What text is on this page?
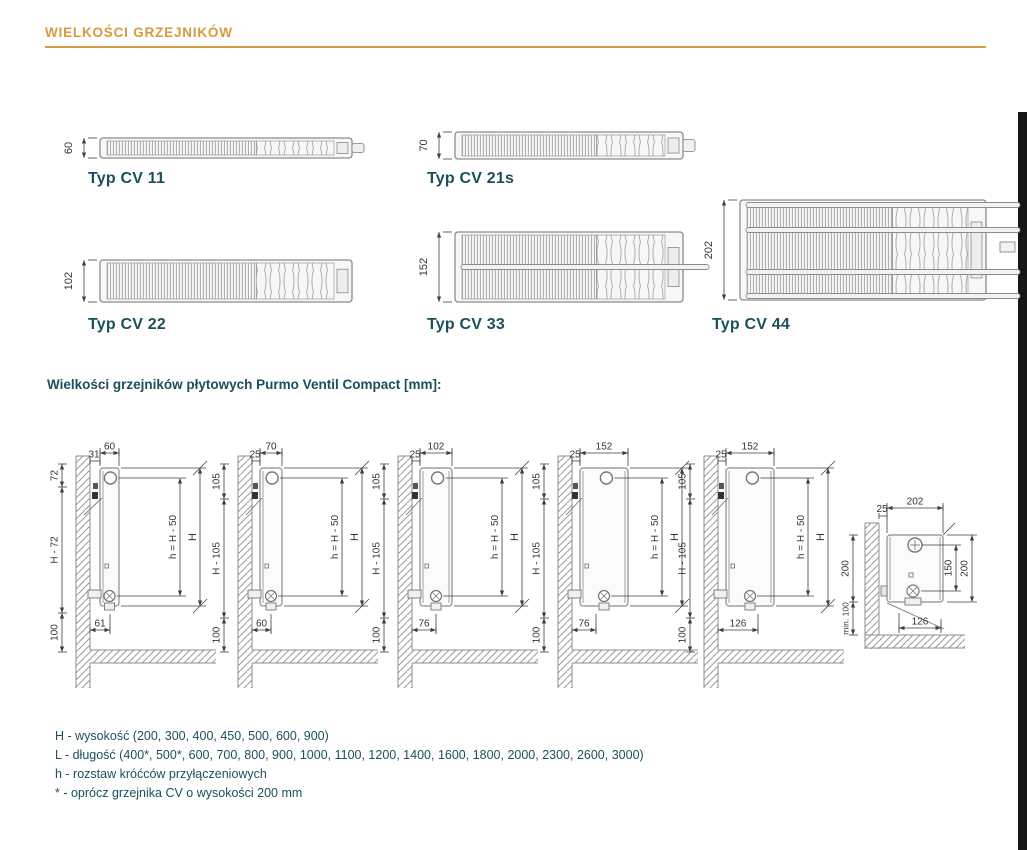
WIELKOŚCI GRZEJNIKÓW
Typ CV 11	Typ CV 21s
Typ CV 22	Typ CV 33	Typ CV 44
Wielkości grzejników płytowych Purmo Ventil Compact [mm]:
H - wysokość (200, 300, 400, 450, 500, 600, 900)
L - długość (400*, 500*, 600, 700, 800, 900, 1000, 1100, 1200, 1400, 1600, 1800, 2000, 2300, 2600, 3000)
h - rozstaw króćców przyłączeniowych
* - oprócz grzejnika CV o wysokości 200 mm
60	70
102
152
202
60
31
h = H - 50 H
72
H - 72
100
61
70
25
h = H - 50 H
105
H - 105
100
60
102
25
h = H - 50 H
105
H - 105
100
76
152
25
h = H - 50 H
105
H - 105
100
76
152
25
h = H - 50 H
105
H - 105
100
126
202
25
200
min. 100
150 200
126
